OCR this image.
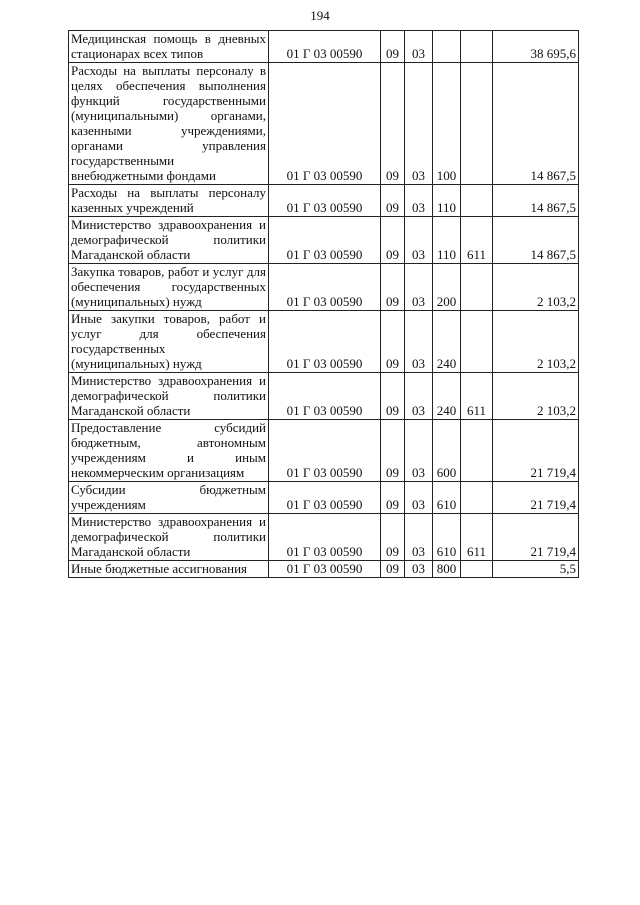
194
Медицинская помощь в дневных стационарах всех типов	01 Г 03 00590	09	03			38 695,6
Расходы на выплаты персоналу в целях обеспечения выполнения функций государственными (муниципальными) органами, казенными учреждениями, органами управления государственными внебюджетными фондами	01 Г 03 00590	09	03	100		14 867,5
Расходы на выплаты персоналу казенных учреждений	01 Г 03 00590	09	03	110		14 867,5
Министерство здравоохранения и демографической политики Магаданской области	01 Г 03 00590	09	03	110	611	14 867,5
Закупка товаров, работ и услуг для обеспечения государственных (муниципальных) нужд	01 Г 03 00590	09	03	200		2 103,2
Иные закупки товаров, работ и услуг для обеспечения государственных (муниципальных) нужд	01 Г 03 00590	09	03	240		2 103,2
Министерство здравоохранения и демографической политики Магаданской области	01 Г 03 00590	09	03	240	611	2 103,2
Предоставление субсидий бюджетным, автономным учреждениям и иным некоммерческим организациям	01 Г 03 00590	09	03	600		21 719,4
Субсидии бюджетным учреждениям	01 Г 03 00590	09	03	610		21 719,4
Министерство здравоохранения и демографической политики Магаданской области	01 Г 03 00590	09	03	610	611	21 719,4
Иные бюджетные ассигнования	01 Г 03 00590	09	03	800		5,5
